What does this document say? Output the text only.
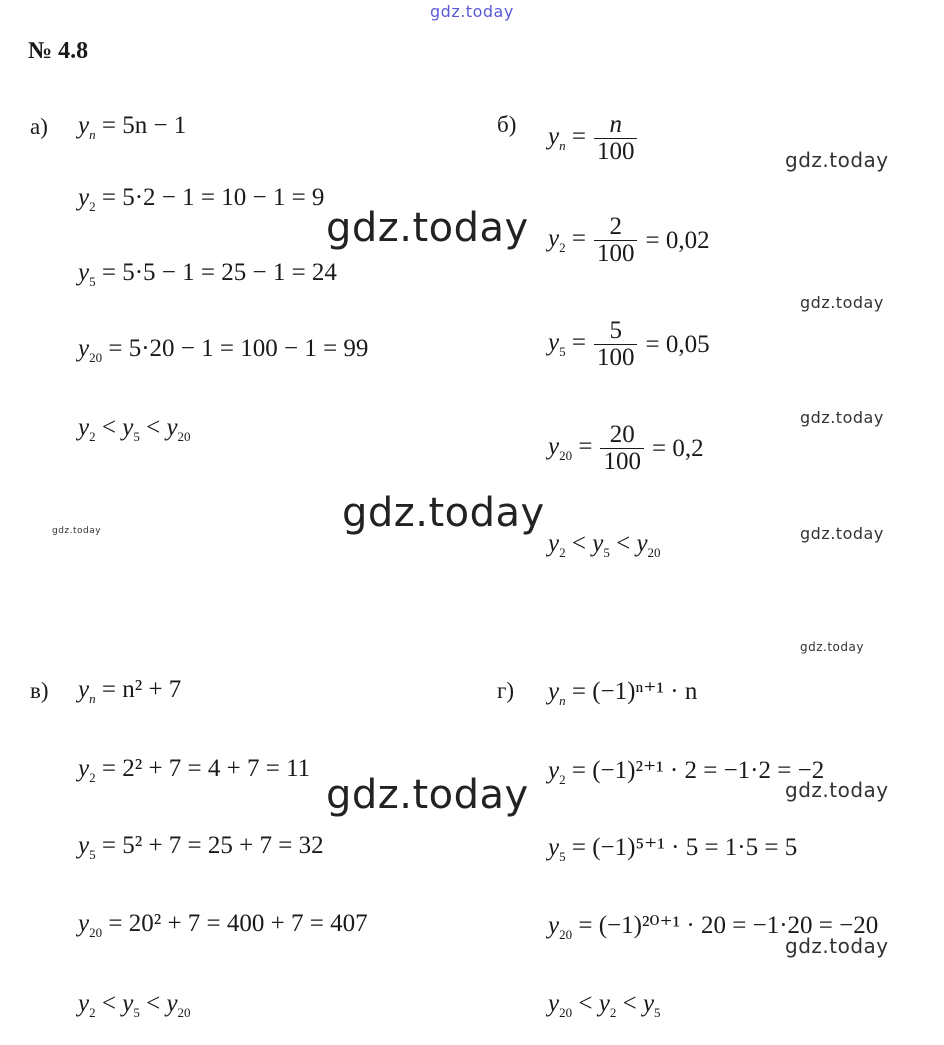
gdz.today
gdz.today
gdz.today
gdz.today
gdz.today
gdz.today
gdz.today
gdz.today
gdz.today
gdz.today
gdz.today
gdz.today
№ 4.8
а) $y_n = 5n - 1$
$y_2 = 5\cdot 2 - 1 = 10 - 1 = 9$
$y_5 = 5\cdot 5 - 1 = 25 - 1 = 24$
$y_{20} = 5\cdot 20 - 1 = 100 - 1 = 99$
$y_2 < y_5 < y_{20}$
б) $y_n = \frac{n}{100}$
$y_2 = \frac{2}{100} = 0,02$
$y_5 = \frac{5}{100} = 0,05$
$y_{20} = \frac{20}{100} = 0,2$
$y_2 < y_5 < y_{20}$
в) $y_n = n^2 + 7$
$y_2 = 2^2 + 7 = 4 + 7 = 11$
$y_5 = 5^2 + 7 = 25 + 7 = 32$
$y_{20} = 20^2 + 7 = 400 + 7 = 407$
$y_2 < y_5 < y_{20}$
г) $y_n = (-1)^{n+1} \cdot n$
$y_2 = (-1)^{2+1} \cdot 2 = -1\cdot 2 = -2$
$y_5 = (-1)^{5+1} \cdot 5 = 1\cdot 5 = 5$
$y_{20} = (-1)^{20+1} \cdot 20 = -1\cdot 20 = -20$
$y_{20} < y_2 < y_5$
